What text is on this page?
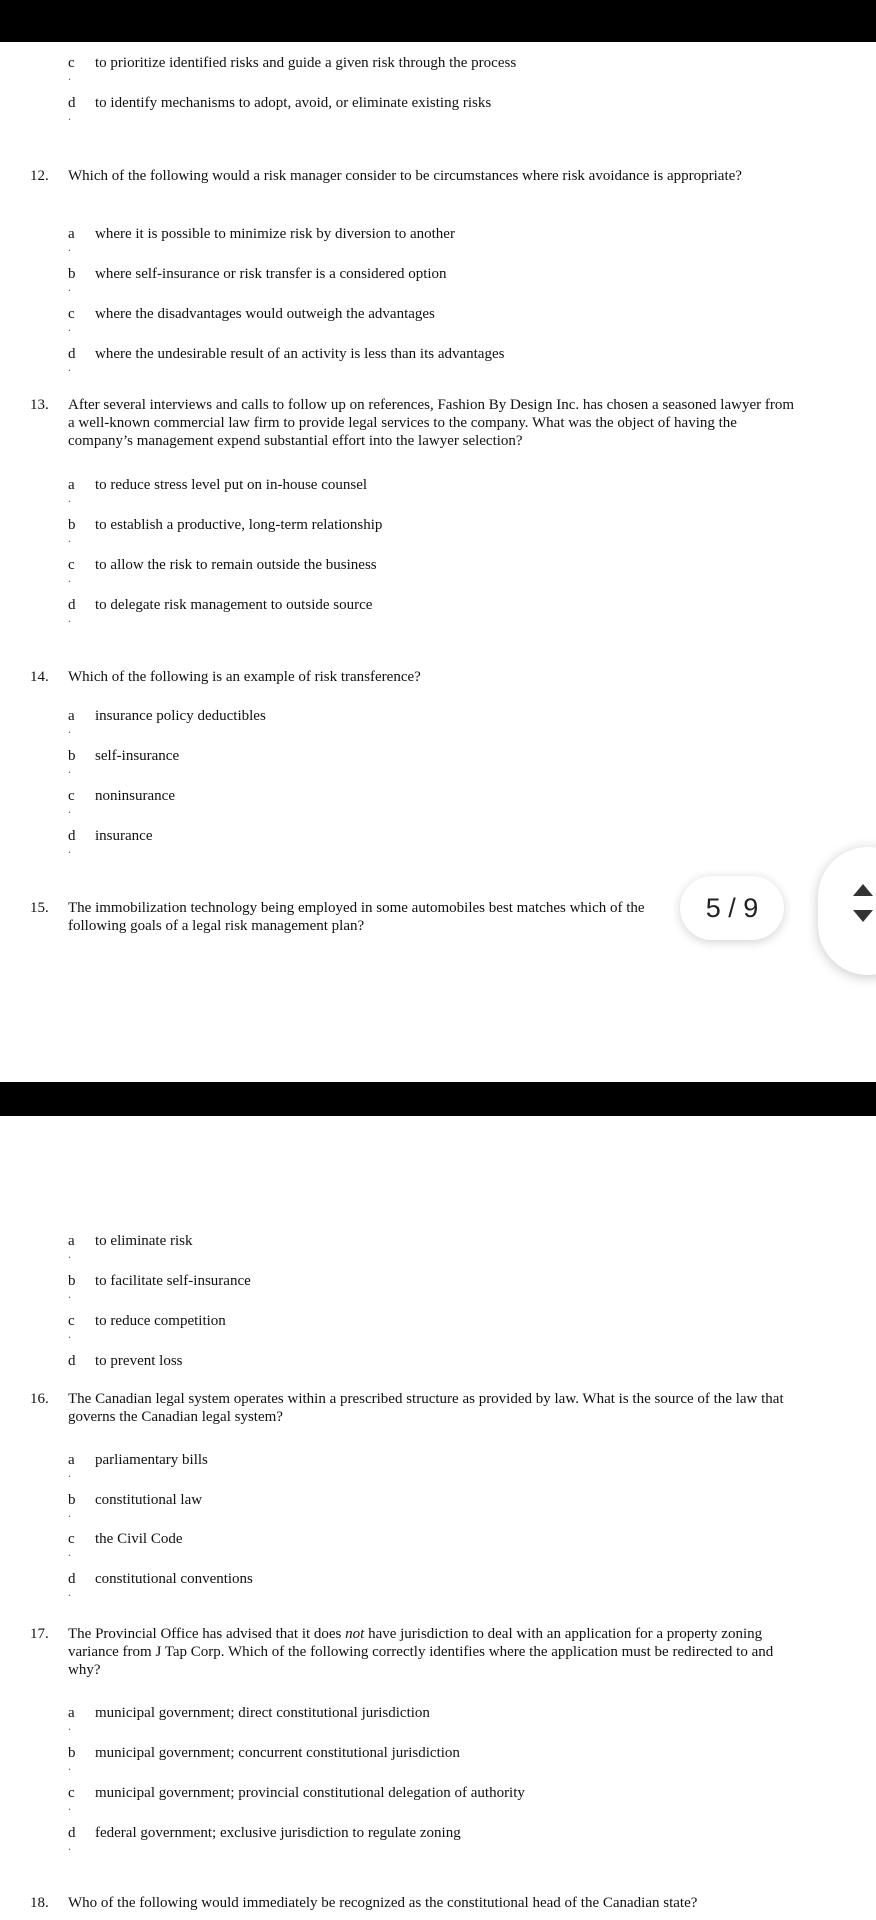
c
.
to prioritize identified risks and guide a given risk through the process
d
.
to identify mechanisms to adopt, avoid, or eliminate existing risks
12. Which of the following would a risk manager consider to be circumstances where risk avoidance is appropriate?
a
.
where it is possible to minimize risk by diversion to another
b
.
where self-insurance or risk transfer is a considered option
c
.
where the disadvantages would outweigh the advantages
d
.
where the undesirable result of an activity is less than its advantages
13. After several interviews and calls to follow up on references, Fashion By Design Inc. has chosen a seasoned lawyer from a well-known commercial law firm to provide legal services to the company. What was the object of having the company’s management expend substantial effort into the lawyer selection?
a
.
to reduce stress level put on in-house counsel
b
.
to establish a productive, long-term relationship
c
.
to allow the risk to remain outside the business
d
.
to delegate risk management to outside source
14. Which of the following is an example of risk transference?
a
.
insurance policy deductibles
b
.
self-insurance
c
.
noninsurance
d
.
insurance
15. The immobilization technology being employed in some automobiles best matches which of the following goals of a legal risk management plan?
5 / 9
a
.
to eliminate risk
b
.
to facilitate self-insurance
c
.
to reduce competition
d to prevent loss
16. The Canadian legal system operates within a prescribed structure as provided by law. What is the source of the law that governs the Canadian legal system?
a
.
parliamentary bills
b
.
constitutional law
c
.
the Civil Code
d
.
constitutional conventions
17. The Provincial Office has advised that it does not have jurisdiction to deal with an application for a property zoning variance from J Tap Corp. Which of the following correctly identifies where the application must be redirected to and why?
a
.
municipal government; direct constitutional jurisdiction
b
.
municipal government; concurrent constitutional jurisdiction
c
.
municipal government; provincial constitutional delegation of authority
d
.
federal government; exclusive jurisdiction to regulate zoning
18. Who of the following would immediately be recognized as the constitutional head of the Canadian state?
